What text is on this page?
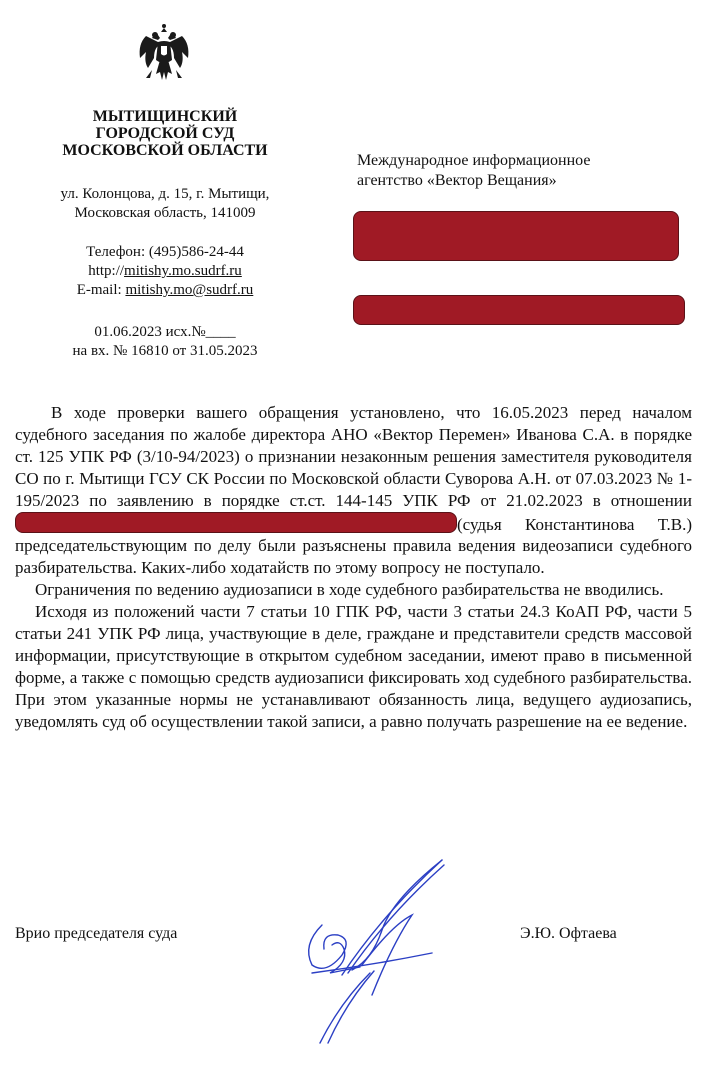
МЫТИЩИНСКИЙ
ГОРОДСКОЙ СУД
МОСКОВСКОЙ ОБЛАСТИ
ул. Колонцова, д. 15, г. Мытищи,
Московская область, 141009
Телефон: (495)586-24-44
http://mitishy.mo.sudrf.ru
E-mail: mitishy.mo@sudrf.ru
01.06.2023 исх.№____
на вх. № 16810 от 31.05.2023
Международное информационное
агентство «Вектор Вещания»

В ходе проверки вашего обращения установлено, что 16.05.2023 перед началом судебного заседания по жалобе директора АНО «Вектор Перемен» Иванова С.А. в порядке ст. 125 УПК РФ (3/10-94/2023) о признании незаконным решения заместителя руководителя СО по г. Мытищи ГСУ СК России по Московской области Суворова А.Н. от 07.03.2023 № 1-195/2023 по заявлению в порядке ст.ст. 144-145 УПК РФ от 21.02.2023 в отношении (судья Константинова Т.В.) председательствующим по делу были разъяснены правила ведения видеозаписи судебного разбирательства. Каких-либо ходатайств по этому вопросу не поступало.

Ограничения по ведению аудиозаписи в ходе судебного разбирательства не вводились.

Исходя из положений части 7 статьи 10 ГПК РФ, части 3 статьи 24.3 КоАП РФ, части 5 статьи 241 УПК РФ лица, участвующие в деле, граждане и представители средств массовой информации, присутствующие в открытом судебном заседании, имеют право в письменной форме, а также с помощью средств аудиозаписи фиксировать ход судебного разбирательства. При этом указанные нормы не устанавливают обязанность лица, ведущего аудиозапись, уведомлять суд об осуществлении такой записи, а равно получать разрешение на ее ведение.

Врио председателя суда	Э.Ю. Офтаева
